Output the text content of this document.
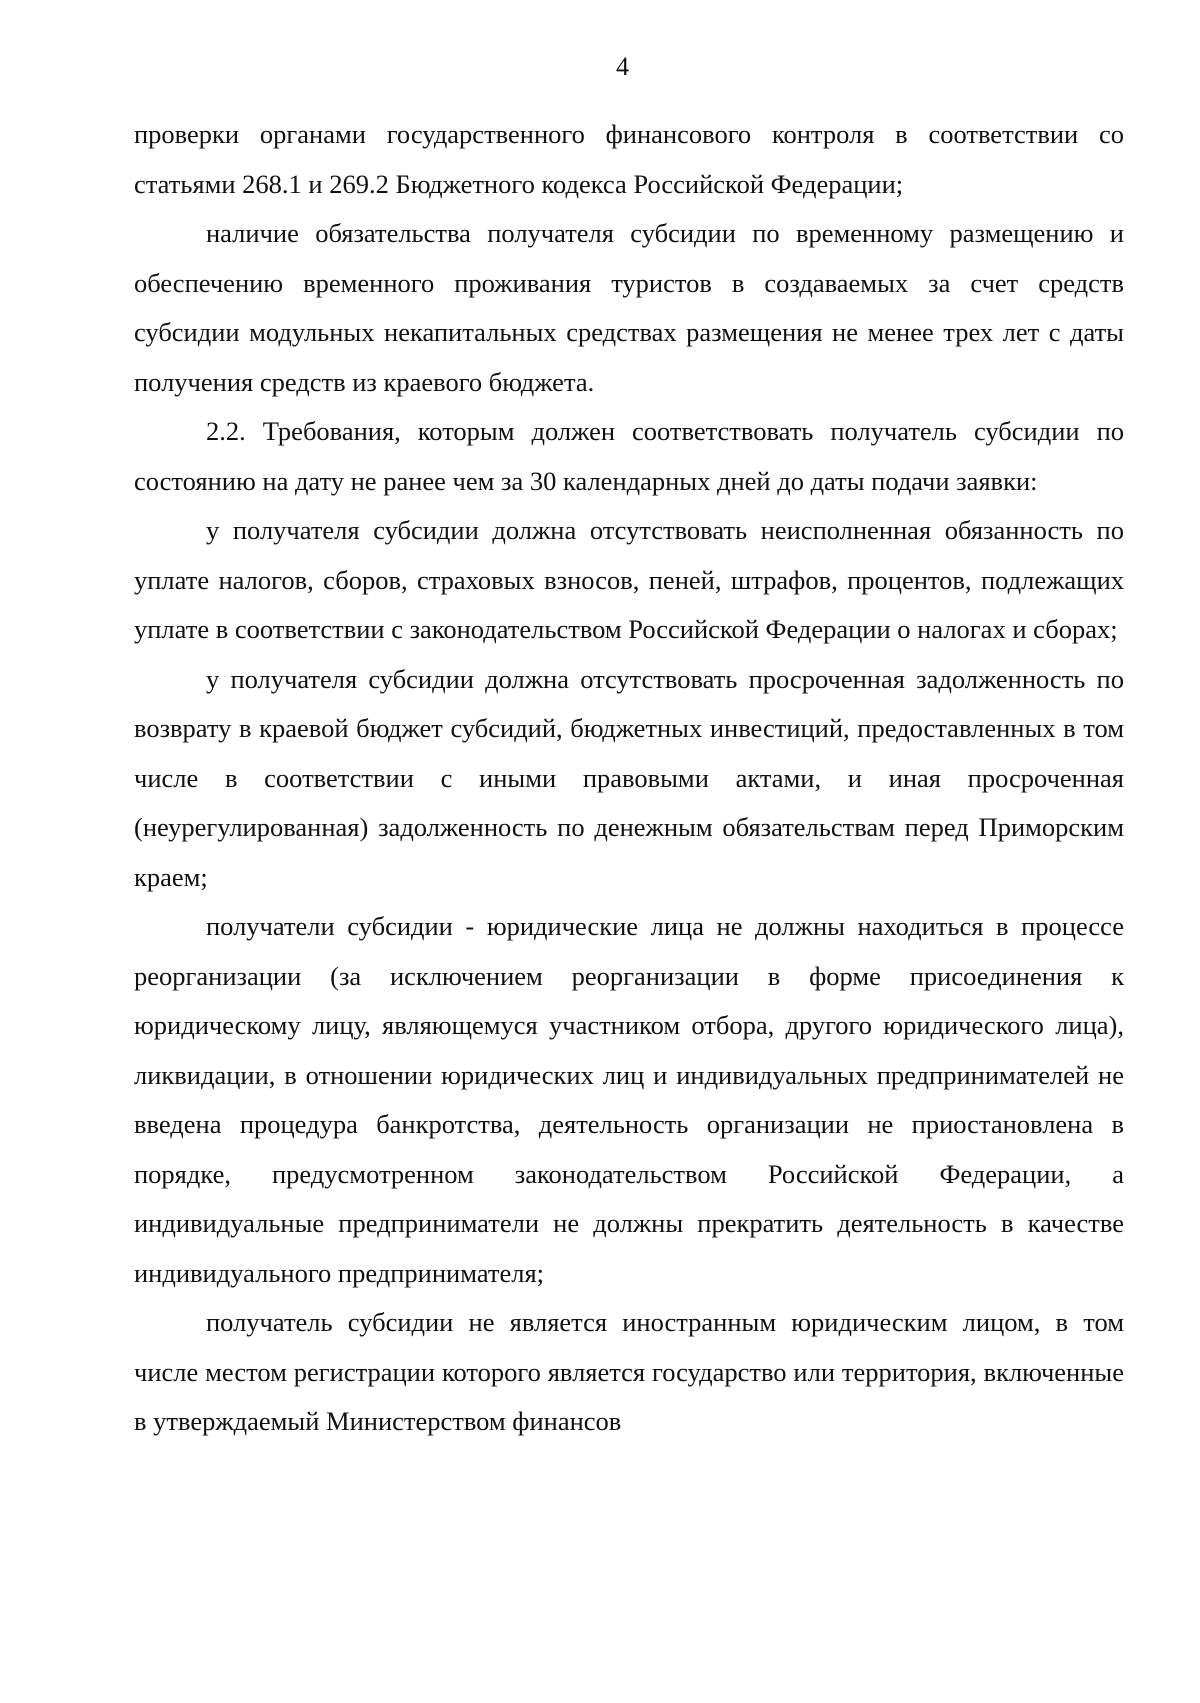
4

проверки органами государственного финансового контроля в соответствии со статьями 268.1 и 269.2 Бюджетного кодекса Российской Федерации;

наличие обязательства получателя субсидии по временному размещению и обеспечению временного проживания туристов в создаваемых за счет средств субсидии модульных некапитальных средствах размещения не менее трех лет с даты получения средств из краевого бюджета.

2.2. Требования, которым должен соответствовать получатель субсидии по состоянию на дату не ранее чем за 30 календарных дней до даты подачи заявки:

у получателя субсидии должна отсутствовать неисполненная обязанность по уплате налогов, сборов, страховых взносов, пеней, штрафов, процентов, подлежащих уплате в соответствии с законодательством Российской Федерации о налогах и сборах;

у получателя субсидии должна отсутствовать просроченная задолженность по возврату в краевой бюджет субсидий, бюджетных инвестиций, предоставленных в том числе в соответствии с иными правовыми актами, и иная просроченная (неурегулированная) задолженность по денежным обязательствам перед Приморским краем;

получатели субсидии - юридические лица не должны находиться в процессе реорганизации (за исключением реорганизации в форме присоединения к юридическому лицу, являющемуся участником отбора, другого юридического лица), ликвидации, в отношении юридических лиц и индивидуальных предпринимателей не введена процедура банкротства, деятельность организации не приостановлена в порядке, предусмотренном законодательством Российской Федерации, а индивидуальные предприниматели не должны прекратить деятельность в качестве индивидуального предпринимателя;

получатель субсидии не является иностранным юридическим лицом, в том числе местом регистрации которого является государство или территория, включенные в утверждаемый Министерством финансов
